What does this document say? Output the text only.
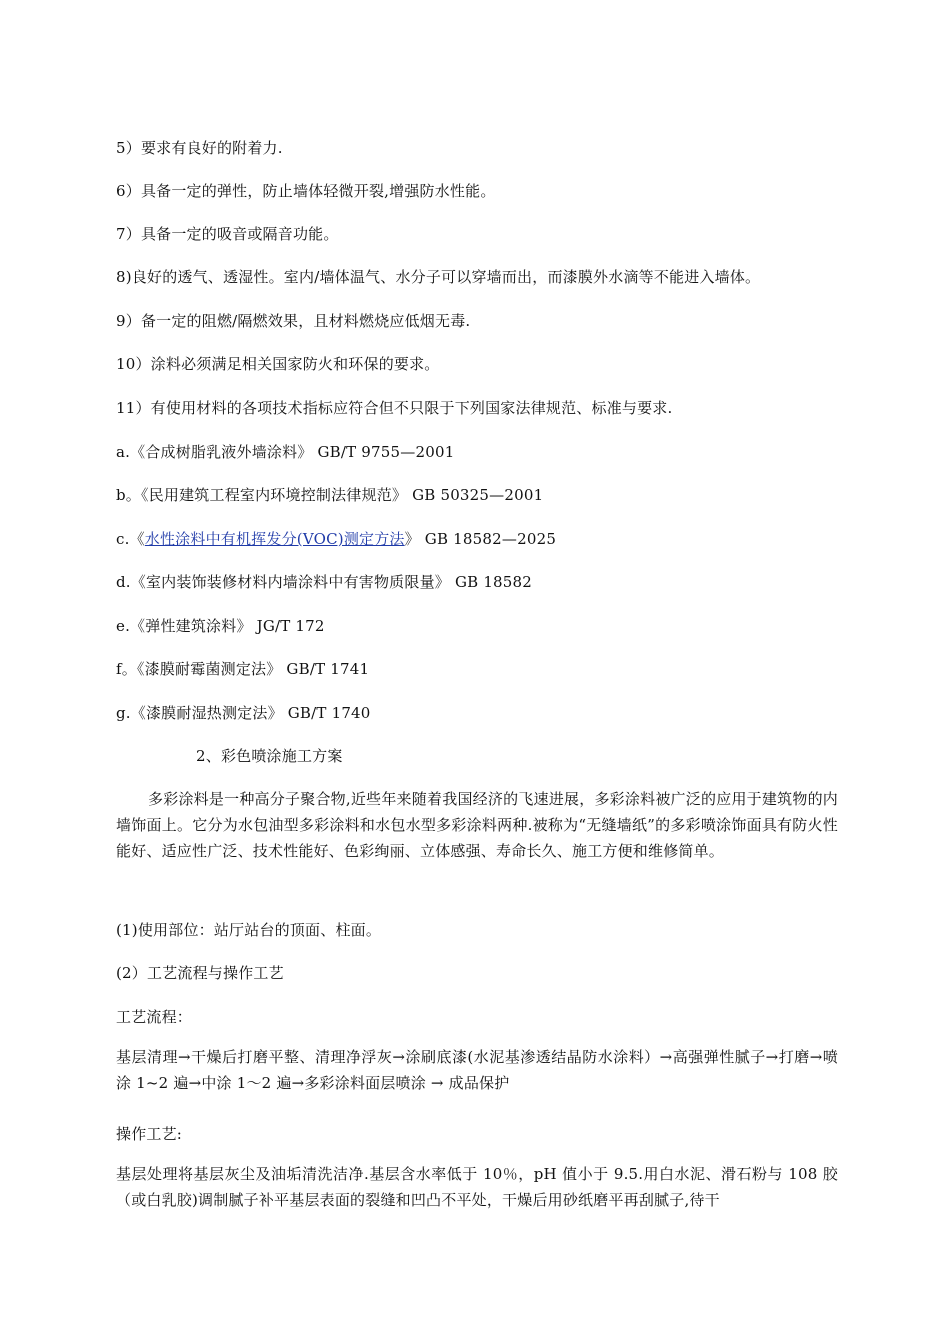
5）要求有良好的附着力.
6）具备一定的弹性，防止墙体轻微开裂,增强防水性能。
7）具备一定的吸音或隔音功能。
8)良好的透气、透湿性。室内/墙体温气、水分子可以穿墙而出，而漆膜外水滴等不能进入墙体。
9）备一定的阻燃/隔燃效果，且材料燃烧应低烟无毒.
10）涂料必须满足相关国家防火和环保的要求。
11）有使用材料的各项技术指标应符合但不只限于下列国家法律规范、标准与要求.
a.《合成树脂乳液外墙涂料》 GB/T 9755—2001
b。《民用建筑工程室内环境控制法律规范》 GB 50325—2001
c.《水性涂料中有机挥发分(VOC)测定方法》 GB 18582—2025
d.《室内装饰装修材料内墙涂料中有害物质限量》 GB 18582
e.《弹性建筑涂料》 JG/T 172
f。《漆膜耐霉菌测定法》 GB/T 1741
g.《漆膜耐湿热测定法》 GB/T 1740
2、彩色喷涂施工方案
多彩涂料是一种高分子聚合物,近些年来随着我国经济的飞速进展，多彩涂料被广泛的应用于建筑物的内墙饰面上。它分为水包油型多彩涂料和水包水型多彩涂料两种.被称为“无缝墙纸”的多彩喷涂饰面具有防火性能好、适应性广泛、技术性能好、色彩绚丽、立体感强、寿命长久、施工方便和维修简单。
(1)使用部位：站厅站台的顶面、柱面。
(2）工艺流程与操作工艺
工艺流程：
基层清理→干燥后打磨平整、清理净浮灰→涂刷底漆(水泥基渗透结晶防水涂料）→高强弹性腻子→打磨→喷涂 1~2 遍→中涂 1～2 遍→多彩涂料面层喷涂 → 成品保护
操作工艺:
基层处理将基层灰尘及油垢清洗洁净.基层含水率低于 10％，pH 值小于 9.5.用白水泥、滑石粉与 108 胶（或白乳胶)调制腻子补平基层表面的裂缝和凹凸不平处，干燥后用砂纸磨平再刮腻子,待干
